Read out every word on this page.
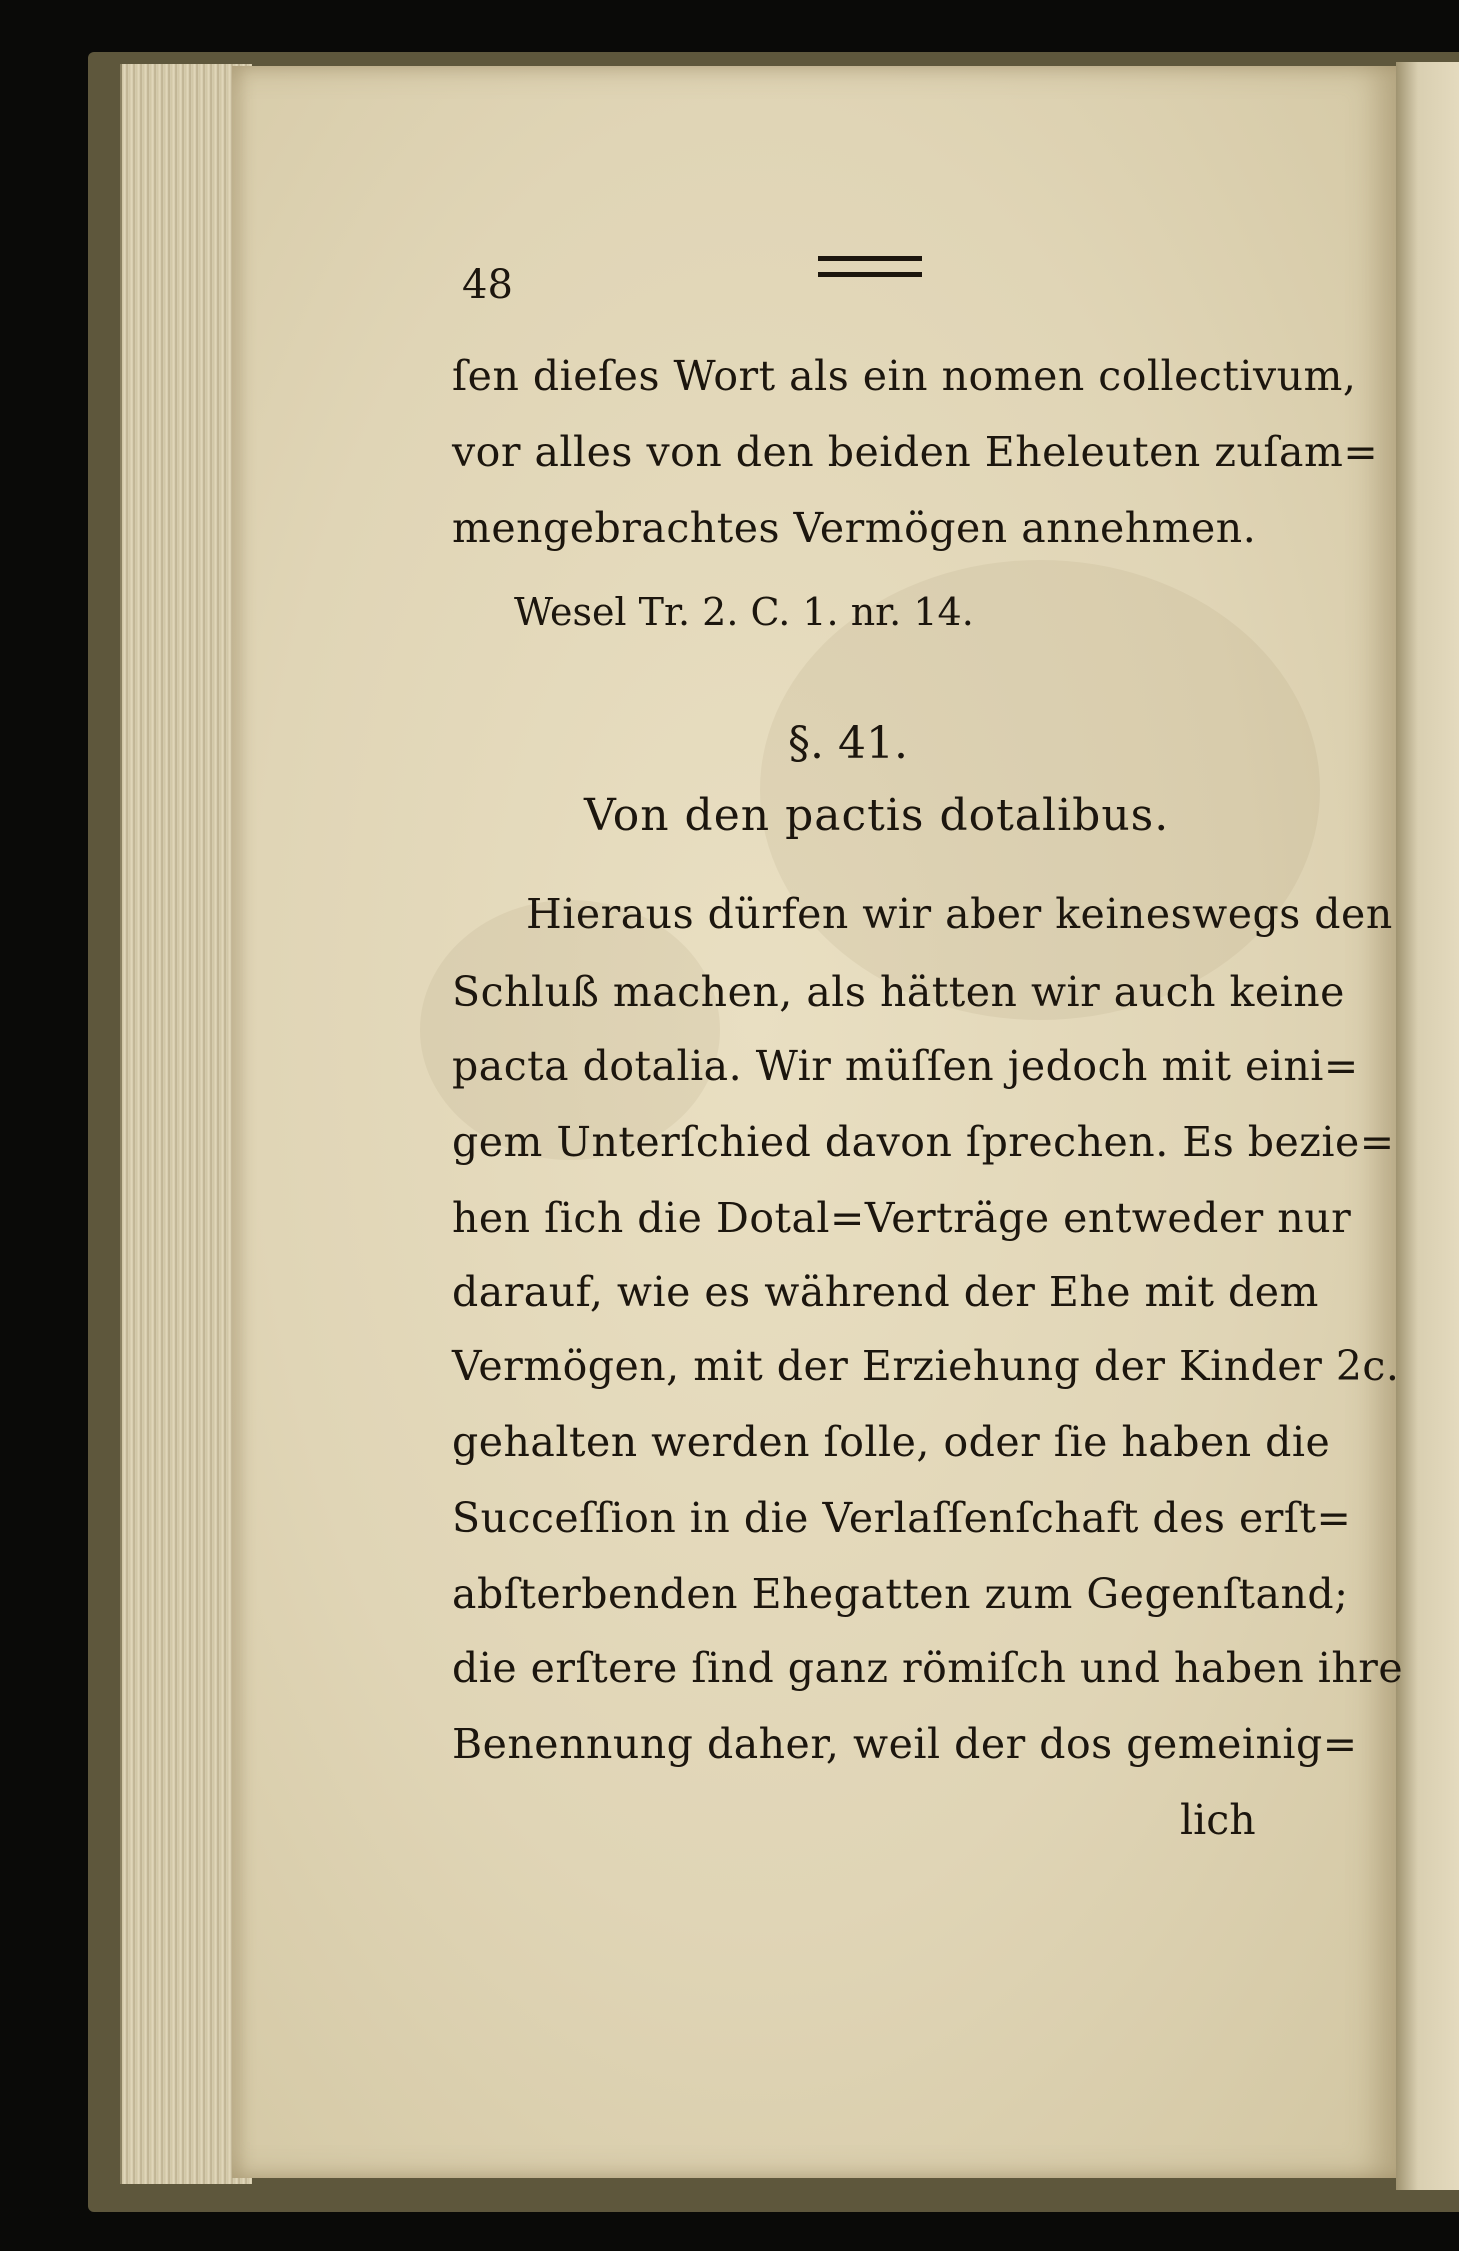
48
ſen dieſes Wort als ein nomen collectivum,
vor alles von den beiden Eheleuten zuſam=
mengebrachtes Vermögen annehmen.
Wesel Tr. 2. C. 1. nr. 14.
§. 41.
Von den pactis dotalibus.
Hieraus dürfen wir aber keineswegs den
Schluß machen, als hätten wir auch keine
pacta dotalia. Wir müſſen jedoch mit eini=
gem Unterſchied davon ſprechen. Es bezie=
hen ſich die Dotal=Verträge entweder nur
darauf, wie es während der Ehe mit dem
Vermögen, mit der Erziehung der Kinder 2c.
gehalten werden ſolle, oder ſie haben die
Succeſſion in die Verlaſſenſchaft des erſt=
abſterbenden Ehegatten zum Gegenſtand;
die erſtere ſind ganz römiſch und haben ihre
Benennung daher, weil der dos gemeinig=
lich
